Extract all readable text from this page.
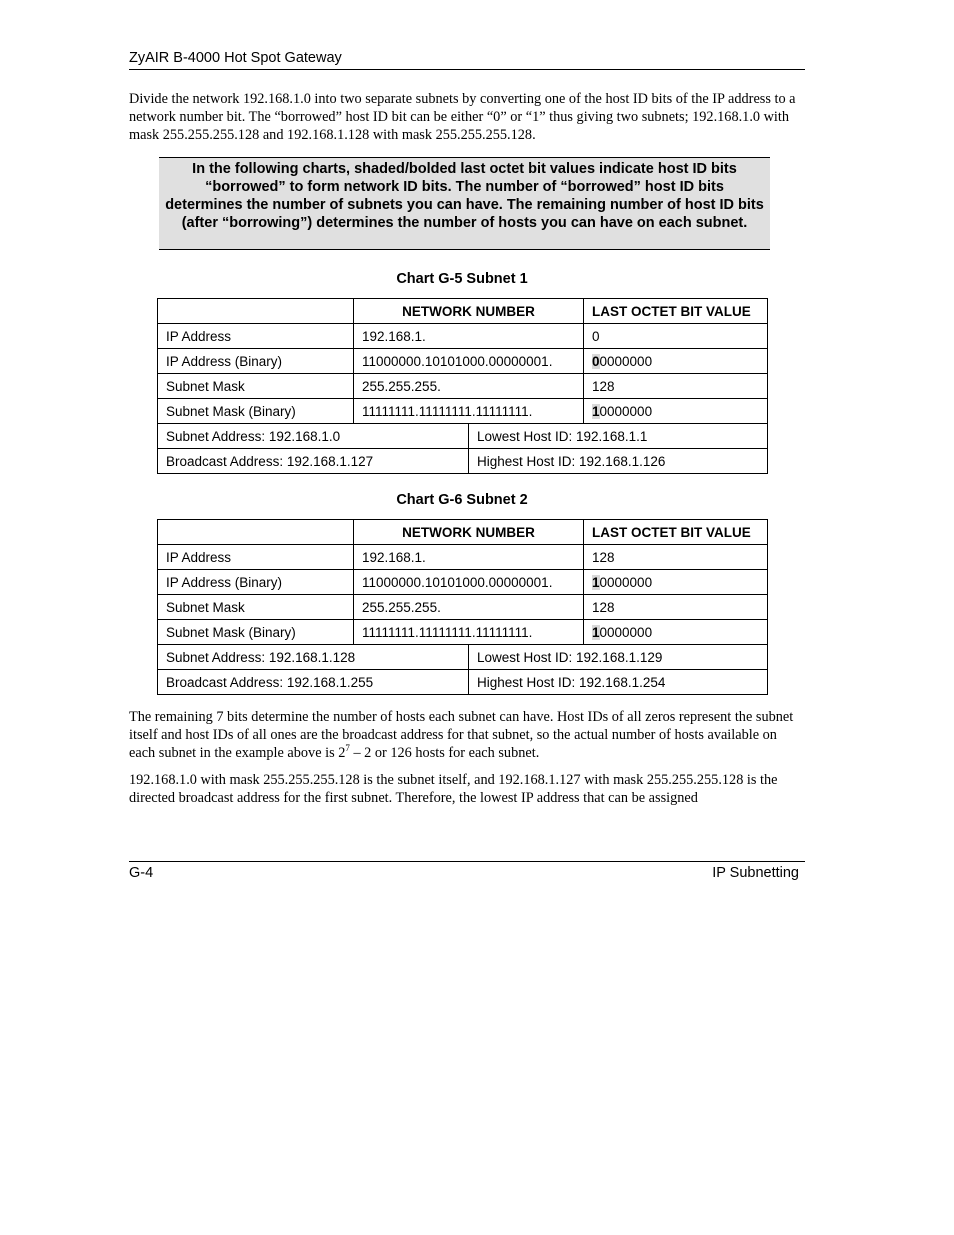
ZyAIR B-4000 Hot Spot Gateway

Divide the network 192.168.1.0 into two separate subnets by converting one of the host ID bits of the IP address to a network number bit. The “borrowed” host ID bit can be either “0” or “1” thus giving two subnets; 192.168.1.0 with mask 255.255.255.128 and 192.168.1.128 with mask 255.255.255.128.

In the following charts, shaded/bolded last octet bit values indicate host ID bits “borrowed” to form network ID bits. The number of “borrowed” host ID bits determines the number of subnets you can have. The remaining number of host ID bits (after “borrowing”) determines the number of hosts you can have on each subnet.
Chart G-5 Subnet 1
	NETWORK NUMBER		LAST OCTET BIT VALUE
IP Address	192.168.1.		0
IP Address (Binary)	11000000.10101000.00000001.		00000000
Subnet Mask	255.255.255.		128
Subnet Mask (Binary)	11111111.11111111.11111111.		10000000
Subnet Address: 192.168.1.0		Lowest Host ID: 192.168.1.1	
Broadcast Address: 192.168.1.127		Highest Host ID: 192.168.1.126	
Chart G-6 Subnet 2
	NETWORK NUMBER		LAST OCTET BIT VALUE
IP Address	192.168.1.		128
IP Address (Binary)	11000000.10101000.00000001.		10000000
Subnet Mask	255.255.255.		128
Subnet Mask (Binary)	11111111.11111111.11111111.		10000000
Subnet Address: 192.168.1.128		Lowest Host ID: 192.168.1.129	
Broadcast Address: 192.168.1.255		Highest Host ID: 192.168.1.254	

The remaining 7 bits determine the number of hosts each subnet can have. Host IDs of all zeros represent the subnet itself and host IDs of all ones are the broadcast address for that subnet, so the actual number of hosts available on each subnet in the example above is $2^7 - 2$ or 126 hosts for each subnet.

192.168.1.0 with mask 255.255.255.128 is the subnet itself, and 192.168.1.127 with mask 255.255.255.128 is the directed broadcast address for the first subnet. Therefore, the lowest IP address that can be assigned

G-4	IP Subnetting
